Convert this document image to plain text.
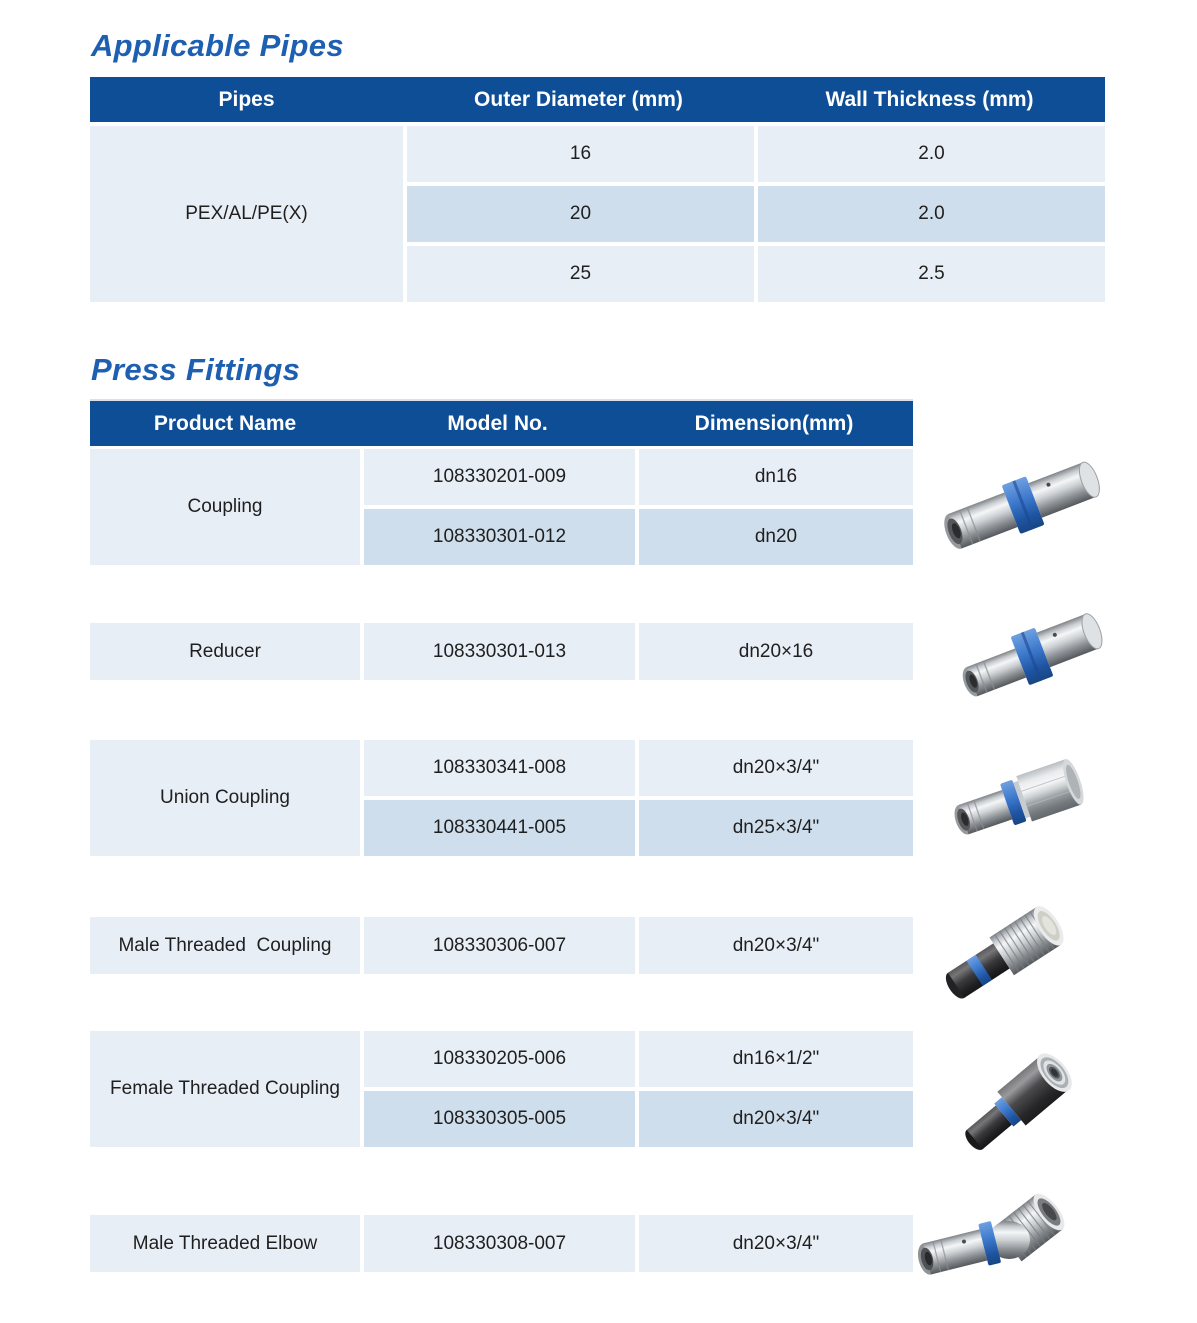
Applicable Pipes
Pipes	Outer Diameter (mm)	Wall Thickness (mm)
PEX/AL/PE(X)
16	2.0
20	2.0
25	2.5
Press Fittings
Product Name	Model No.	Dimension(mm)
Coupling
108330201-009	dn16
108330301-012	dn20
Reducer	108330301-013	dn20×16
Union Coupling
108330341-008	dn20×3/4"
108330441-005	dn25×3/4"
Male Threaded  Coupling	108330306-007	dn20×3/4"
Female Threaded Coupling
108330205-006	dn16×1/2"
108330305-005	dn20×3/4"
Male Threaded Elbow	108330308-007	dn20×3/4"
